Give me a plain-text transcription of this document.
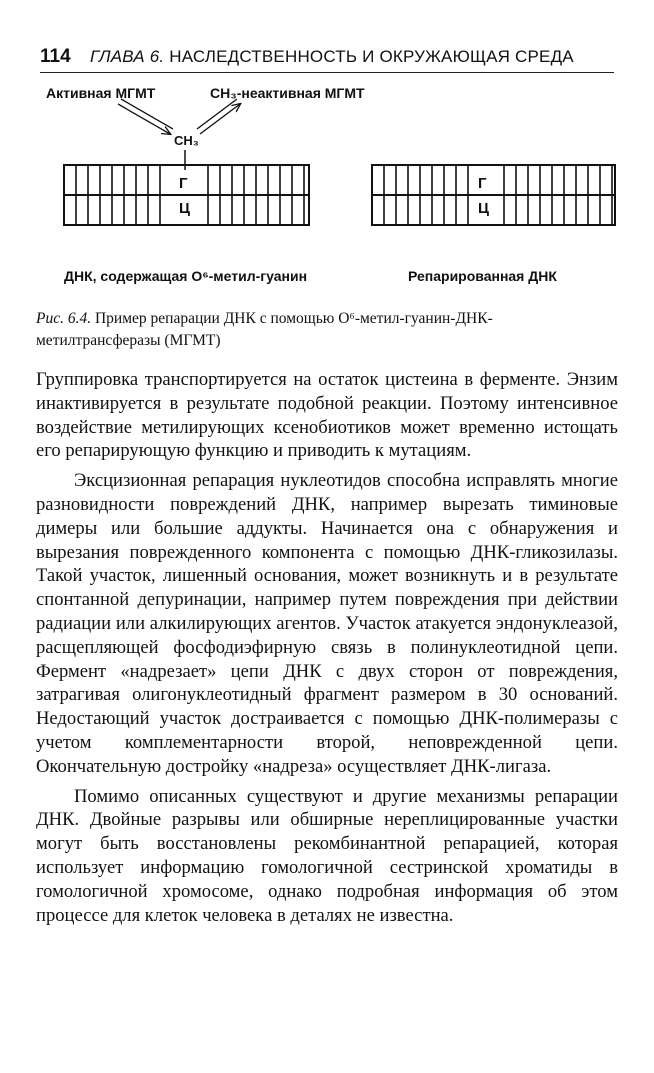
114 ГЛАВА 6. НАСЛЕДСТВЕННОСТЬ И ОКРУЖАЮЩАЯ СРЕДА
Активная МГМТ	CH₃-неактивная МГМТ
CH₃
Г
Ц
Г
Ц
ДНК, содержащая O⁶-метил-гуанин	Репарированная ДНК
Рис. 6.4. Пример репарации ДНК с помощью O⁶-метил-гуанин-ДНК-метилтрансферазы (МГМТ)

Группировка транспортируется на остаток цистеина в ферменте. Энзим инактивируется в результате подобной реакции. Поэтому интенсивное воздействие метилирующих ксенобиотиков может временно истощать его репарирующую функцию и приводить к мутациям.

Эксцизионная репарация нуклеотидов способна исправлять многие разновидности повреждений ДНК, например вырезать тиминовые димеры или большие аддукты. Начинается она с обнаружения и вырезания поврежденного компонента с помощью ДНК-гликозилазы. Такой участок, лишенный основания, может возникнуть и в результате спонтанной депуринации, например путем повреждения при действии радиации или алкилирующих агентов. Участок атакуется эндонуклеазой, расщепляющей фосфодиэфирную связь в полинуклеотидной цепи. Фермент «надрезает» цепи ДНК с двух сторон от повреждения, затрагивая олигонуклеотидный фрагмент размером в 30 оснований. Недостающий участок достраивается с помощью ДНК-полимеразы с учетом комплементарности второй, неповрежденной цепи. Окончательную достройку «надреза» осуществляет ДНК-лигаза.

Помимо описанных существуют и другие механизмы репарации ДНК. Двойные разрывы или обширные нереплицированные участки могут быть восстановлены рекомбинантной репарацией, которая использует информацию гомологичной сестринской хроматиды в гомологичной хромосоме, однако подробная информация об этом процессе для клеток человека в деталях не известна.
